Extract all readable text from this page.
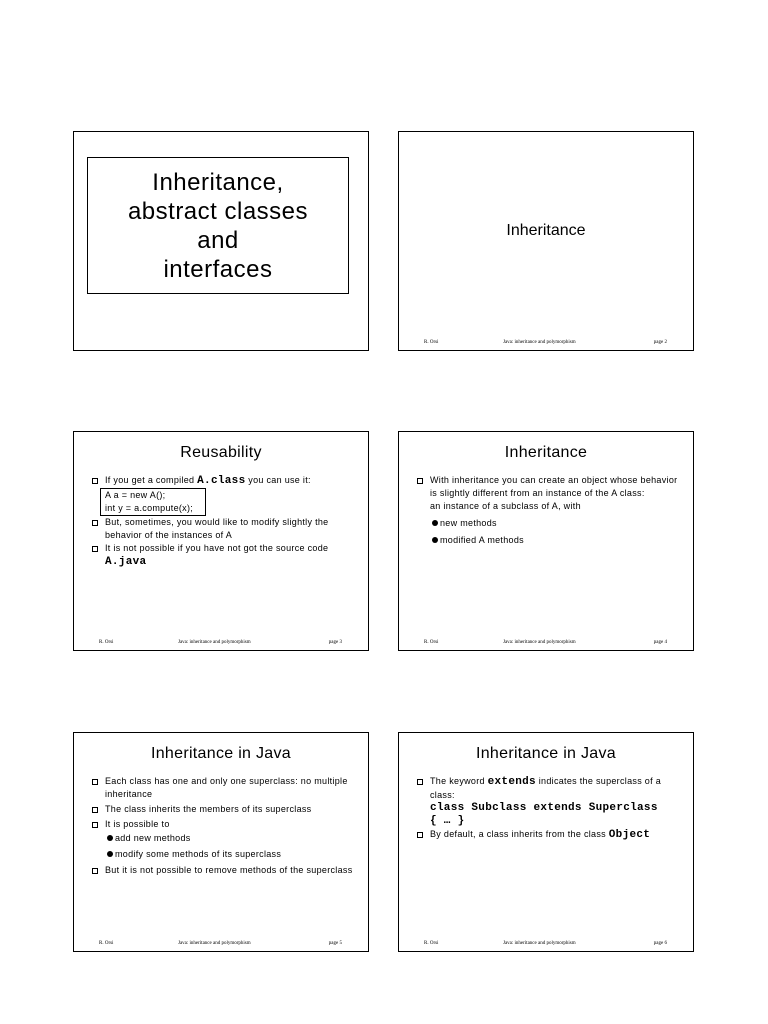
Inheritance,
abstract classes
and
interfaces
Inheritance
R. Orsi	Java: inheritance and polymorphism	page 2
Reusability
If you get a compiled A.class you can use it:
A a = new A();
int y = a.compute(x);
But, sometimes, you would like to modify slightly the behavior of the instances of A
It is not possible if you have not got the source code
A.java
R. Orsi	Java: inheritance and polymorphism	page 3
Inheritance
With inheritance you can create an object whose behavior is slightly different from an instance of the A class:
an instance of a subclass of A, with
new methods
modified A methods
R. Orsi	Java: inheritance and polymorphism	page 4
Inheritance in Java
Each class has one and only one superclass: no multiple inheritance
The class inherits the members of its superclass
It is possible to
add new methods
modify some methods of its superclass
But it is not possible to remove methods of the superclass
R. Orsi	Java: inheritance and polymorphism	page 5
Inheritance in Java
The keyword extends indicates the superclass of a class:
class Subclass extends Superclass
{ … }
By default, a class inherits from the class Object
R. Orsi	Java: inheritance and polymorphism	page 6
